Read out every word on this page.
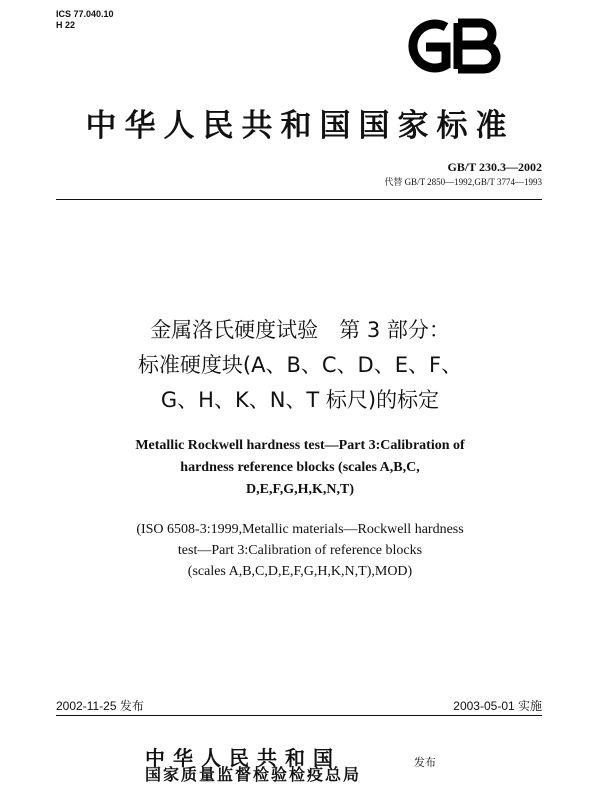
ICS 77.040.10
H 22
中华人民共和国国家标准
GB/T 230.3—2002
代替 GB/T 2850—1992,GB/T 3774—1993
金属洛氏硬度试验　第 3 部分：
标准硬度块(A、B、C、D、E、F、
G、H、K、N、T 标尺)的标定
Metallic Rockwell hardness test—Part 3:Calibration of
hardness reference blocks (scales A,B,C,
D,E,F,G,H,K,N,T)
(ISO 6508-3:1999,Metallic materials—Rockwell hardness
test—Part 3:Calibration of reference blocks
(scales A,B,C,D,E,F,G,H,K,N,T),MOD)
2002-11-25 发布	2003-05-01 实施
中华人民共和国	发布
国家质量监督检验检疫总局
